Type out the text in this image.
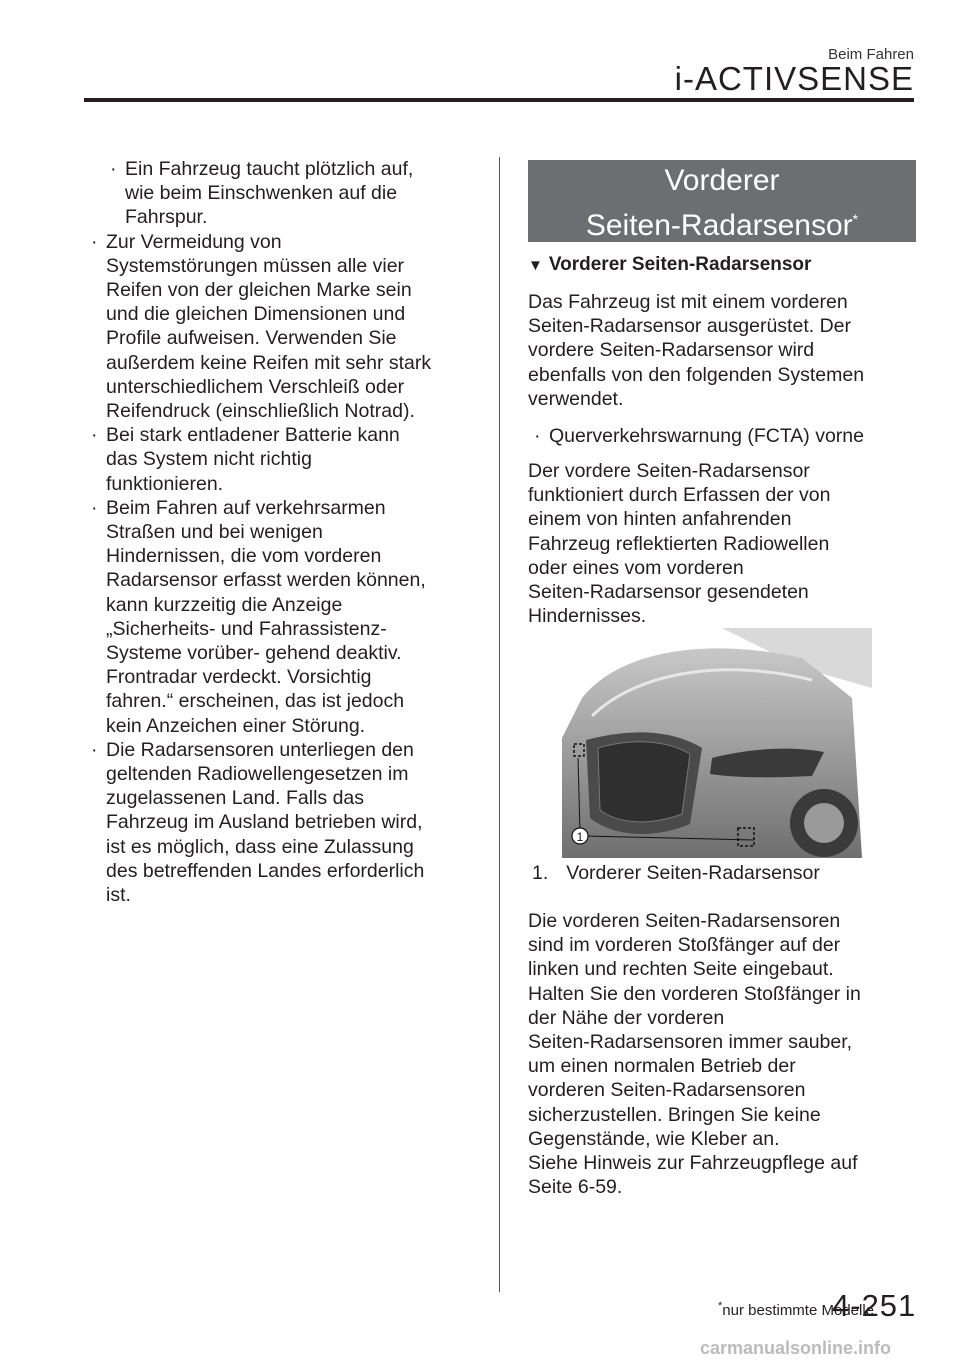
Beim Fahren
i-ACTIVSENSE
· Ein Fahrzeug taucht plötzlich auf,
wie beim Einschwenken auf die
Fahrspur.
· Zur Vermeidung von
Systemstörungen müssen alle vier
Reifen von der gleichen Marke sein
und die gleichen Dimensionen und
Profile aufweisen. Verwenden Sie
außerdem keine Reifen mit sehr stark
unterschiedlichem Verschleiß oder
Reifendruck (einschließlich Notrad).
· Bei stark entladener Batterie kann
das System nicht richtig
funktionieren.
· Beim Fahren auf verkehrsarmen
Straßen und bei wenigen
Hindernissen, die vom vorderen
Radarsensor erfasst werden können,
kann kurzzeitig die Anzeige
„Sicherheits- und Fahrassistenz-
Systeme vorüber- gehend deaktiv.
Frontradar verdeckt. Vorsichtig
fahren.“ erscheinen, das ist jedoch
kein Anzeichen einer Störung.
· Die Radarsensoren unterliegen den
geltenden Radiowellengesetzen im
zugelassenen Land. Falls das
Fahrzeug im Ausland betrieben wird,
ist es möglich, dass eine Zulassung
des betreffenden Landes erforderlich
ist.
Vorderer
Seiten-Radarsensor*
▼ Vorderer Seiten-Radarsensor
Das Fahrzeug ist mit einem vorderen
Seiten-Radarsensor ausgerüstet. Der
vordere Seiten-Radarsensor wird
ebenfalls von den folgenden Systemen
verwendet.
· Querverkehrswarnung (FCTA) vorne
Der vordere Seiten-Radarsensor
funktioniert durch Erfassen der von
einem von hinten anfahrenden
Fahrzeug reflektierten Radiowellen
oder eines vom vorderen
Seiten-Radarsensor gesendeten
Hindernisses.
1
1. Vorderer Seiten-Radarsensor
Die vorderen Seiten-Radarsensoren
sind im vorderen Stoßfänger auf der
linken und rechten Seite eingebaut.
Halten Sie den vorderen Stoßfänger in
der Nähe der vorderen
Seiten-Radarsensoren immer sauber,
um einen normalen Betrieb der
vorderen Seiten-Radarsensoren
sicherzustellen. Bringen Sie keine
Gegenstände, wie Kleber an.
Siehe Hinweis zur Fahrzeugpflege auf
Seite 6-59.
*nur bestimmte Modelle
4-251
carmanualsonline.info
